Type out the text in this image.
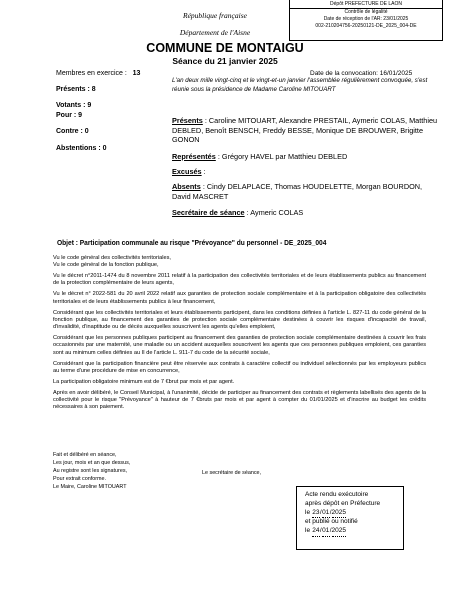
République française
Département de l'Aisne
Dépôt PREFECTURE DE LAON
Contrôle de légalité
Date de réception de l'AR: 23/01/2025
002-210204756-20250121-DE_2025_004-DE
COMMUNE DE MONTAIGU
Séance du 21 janvier 2025
Membres en exercice : 13
Présents : 8
Votants : 9
Pour : 9
Contre : 0
Abstentions : 0
Date de la convocation: 16/01/2025
L'an deux mille vingt-cinq et le vingt-et-un janvier l'assemblée régulièrement convoquée, s'est réunie sous la présidence de Madame Caroline MITOUART
Présents : Caroline MITOUART, Alexandre PRESTAIL, Aymeric COLAS, Matthieu DEBLED, Benoît BENSCH, Freddy BESSE, Monique DE BROUWER, Brigitte GONON
Représentés : Grégory HAVEL par Matthieu DEBLED
Excusés :
Absents : Cindy DELAPLACE, Thomas HOUDELETTE, Morgan BOURDON, David MASCRET
Secrétaire de séance : Aymeric COLAS
Objet : Participation communale au risque "Prévoyance" du personnel - DE_2025_004

Vu le code général des collectivités territoriales,

Vu le code général de la fonction publique,

Vu le décret n°2011-1474 du 8 novembre 2011 relatif à la participation des collectivités territoriales et de leurs établissements publics au financement de la protection complémentaire de leurs agents,

Vu le décret n° 2022-581 du 20 avril 2022 relatif aux garanties de protection sociale complémentaire et à la participation obligatoire des collectivités territoriales et de leurs établissements publics à leur financement,

Considérant que les collectivités territoriales et leurs établissements participent, dans les conditions définies à l'article L. 827-11 du code général de la fonction publique, au financement des garanties de protection sociale complémentaire destinées à couvrir les risques d'incapacité de travail, d'invalidité, d'inaptitude ou de décès auxquelles souscrivent les agents qu'elles emploient,

Considérant que les personnes publiques participent au financement des garanties de protection sociale complémentaire destinées à couvrir les frais occasionnés par une maternité, une maladie ou un accident auxquelles souscrivent les agents que ces personnes publiques emploient, ces garanties sont au minimum celles définies au II de l'article L. 911-7 du code de la sécurité sociale,

Considérant que la participation financière peut être réservée aux contrats à caractère collectif ou individuel sélectionnés par les employeurs publics au terme d'une procédure de mise en concurrence,

La participation obligatoire minimum est de 7 €brut par mois et par agent.

Après en avoir délibéré, le Conseil Municipal, à l'unanimité, décide de participer au financement des contrats et règlements labellisés des agents de la collectivité pour le risque "Prévoyance" à hauteur de 7 €bruts par mois et par agent à compter du 01/01/2025 et d'inscrire au budget les crédits nécessaires à son paiement.

Fait et délibéré en séance,
Les jour, mois et an que dessus,
Au registre sont les signatures,
Pour extrait conforme.
Le Maire, Caroline MITOUART
Le secrétaire de séance,
Acte rendu exécutoire
après dépôt en Préfecture
le 23/01/2025
et publié ou notifié
le 24/01/2025
